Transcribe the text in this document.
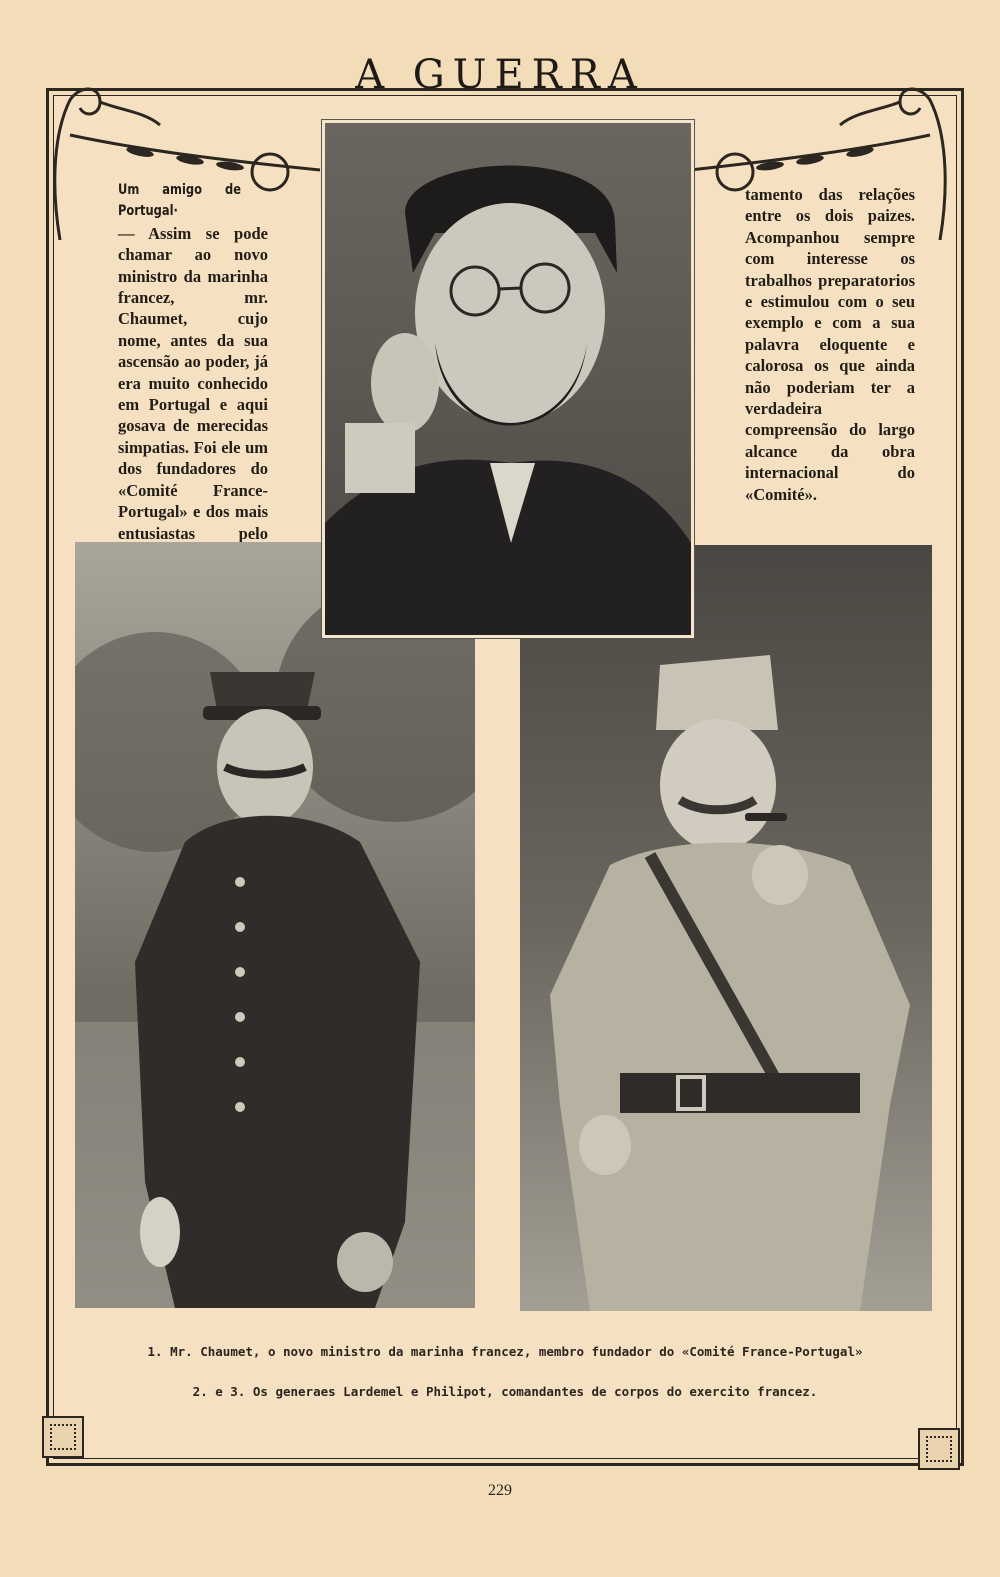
A GUERRA
Um amigo de Portugal· — Assim se pode chamar ao novo ministro da marinha francez, mr. Chaumet, cujo nome, antes da sua ascensão ao poder, já era muito conhecido em Portugal e aqui gosava de merecidas simpatias. Foi ele um dos fundadores do «Comité France-Portugal» e dos mais entusiastas pelo
tamento das relações entre os dois paizes. Acompanhou sempre com interesse os trabalhos preparatorios e estimulou com o seu exemplo e com a sua palavra eloquente e calorosa os que ainda não poderiam ter a verdadeira compreensão do largo alcance da obra internacional do «Comité».
1. Mr. Chaumet, o novo ministro da marinha francez, membro fundador do «Comité France-Portugal»
2. e 3. Os generaes Lardemel e Philipot, comandantes de corpos do exercito francez.
229
